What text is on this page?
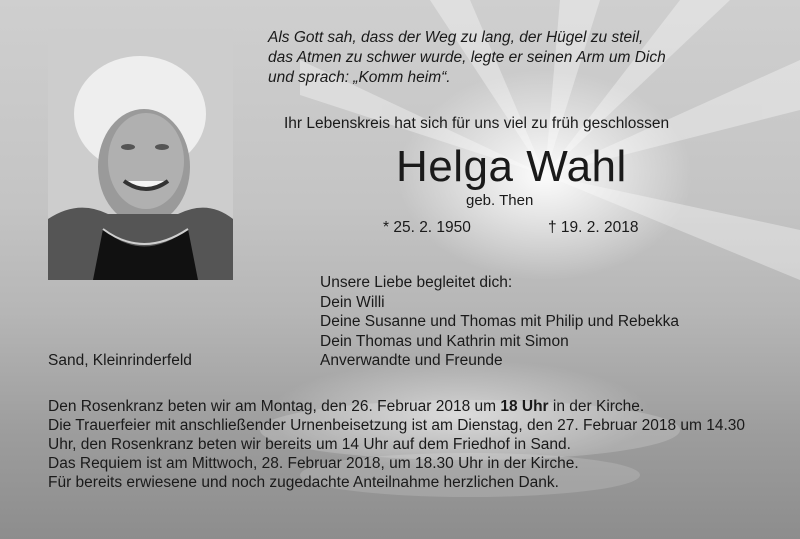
Als Gott sah, dass der Weg zu lang, der Hügel zu steil,
das Atmen zu schwer wurde, legte er seinen Arm um Dich
und sprach: „Komm heim“.
Ihr Lebenskreis hat sich für uns viel zu früh geschlossen
Helga Wahl
geb. Then
* 25. 2. 1950	† 19. 2. 2018
Unsere Liebe begleitet dich:
Dein Willi
Deine Susanne und Thomas mit Philip und Rebekka
Dein Thomas und Kathrin mit Simon
Anverwandte und Freunde
Sand, Kleinrinderfeld
Den Rosenkranz beten wir am Montag, den 26. Februar 2018 um 18 Uhr in der Kirche.
Die Trauerfeier mit anschließender Urnenbeisetzung ist am Dienstag, den 27. Februar 2018 um 14.30 Uhr, den Rosenkranz beten wir bereits um 14 Uhr auf dem Friedhof in Sand.
Das Requiem ist am Mittwoch, 28. Februar 2018, um 18.30 Uhr in der Kirche.
Für bereits erwiesene und noch zugedachte Anteilnahme herzlichen Dank.
